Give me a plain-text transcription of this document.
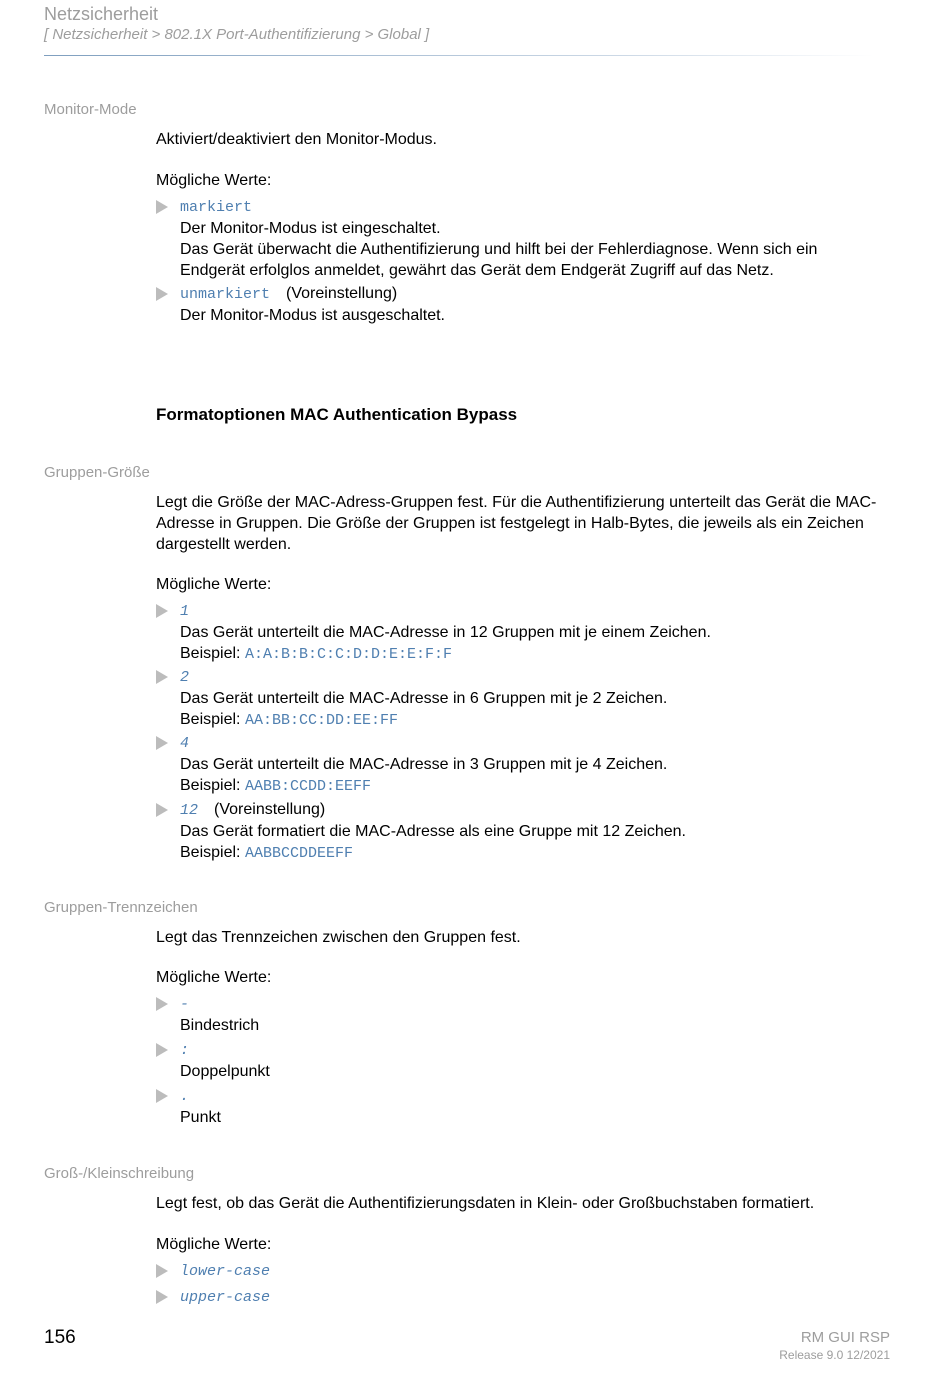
Netzsicherheit
[ Netzsicherheit > 802.1X Port-Authentifizierung > Global ]
Monitor-Mode
Aktiviert/deaktiviert den Monitor-Modus.
Mögliche Werte:
markiert
Der Monitor-Modus ist eingeschaltet.
Das Gerät überwacht die Authentifizierung und hilft bei der Fehlerdiagnose. Wenn sich ein Endgerät erfolglos anmeldet, gewährt das Gerät dem Endgerät Zugriff auf das Netz.
unmarkiert (Voreinstellung)
Der Monitor-Modus ist ausgeschaltet.
Formatoptionen MAC Authentication Bypass
Gruppen-Größe
Legt die Größe der MAC-Adress-Gruppen fest. Für die Authentifizierung unterteilt das Gerät die MAC-Adresse in Gruppen. Die Größe der Gruppen ist festgelegt in Halb-Bytes, die jeweils als ein Zeichen dargestellt werden.
Mögliche Werte:
1
Das Gerät unterteilt die MAC-Adresse in 12 Gruppen mit je einem Zeichen.
Beispiel: A:A:B:B:C:C:D:D:E:E:F:F
2
Das Gerät unterteilt die MAC-Adresse in 6 Gruppen mit je 2 Zeichen.
Beispiel: AA:BB:CC:DD:EE:FF
4
Das Gerät unterteilt die MAC-Adresse in 3 Gruppen mit je 4 Zeichen.
Beispiel: AABB:CCDD:EEFF
12 (Voreinstellung)
Das Gerät formatiert die MAC-Adresse als eine Gruppe mit 12 Zeichen.
Beispiel: AABBCCDDEEFF
Gruppen-Trennzeichen
Legt das Trennzeichen zwischen den Gruppen fest.
Mögliche Werte:
-
Bindestrich
:
Doppelpunkt
.
Punkt
Groß-/Kleinschreibung
Legt fest, ob das Gerät die Authentifizierungsdaten in Klein- oder Großbuchstaben formatiert.
Mögliche Werte:
lower-case
upper-case
156	RM GUI RSP
Release 9.0 12/2021
